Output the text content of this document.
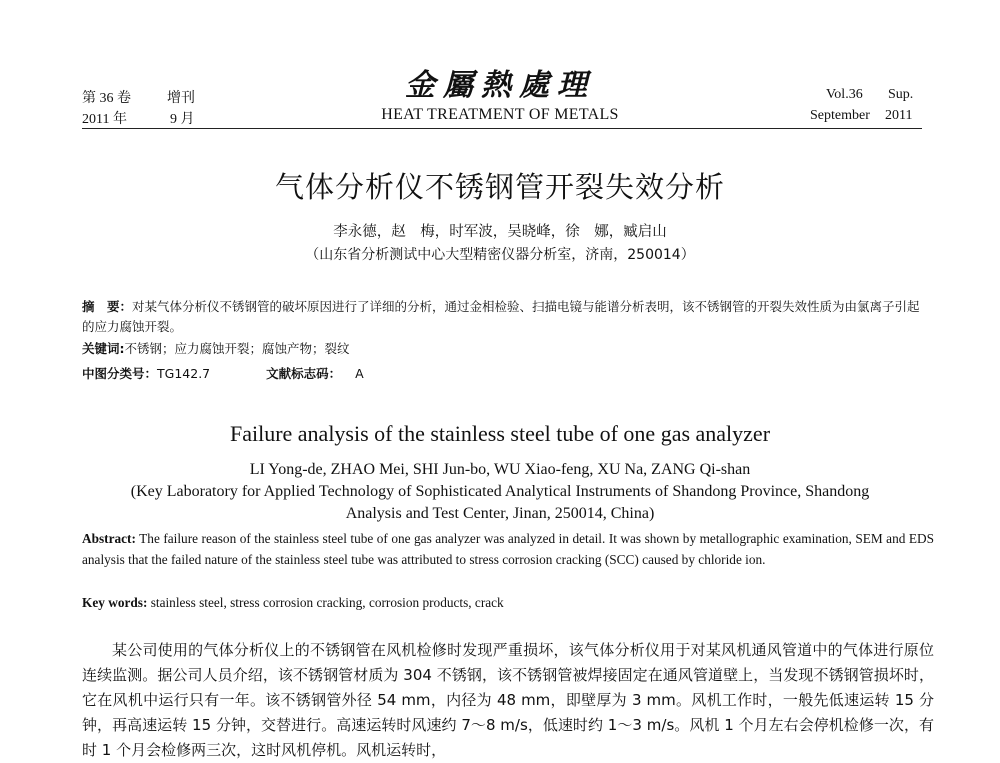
第 36 卷	增刊
2011 年	9 月
金屬熱處理
HEAT TREATMENT OF METALS
Vol.36 Sup.
September 2011
气体分析仪不锈钢管开裂失效分析
李永德，赵　梅，时军波，吴晓峰，徐　娜，臧启山
（山东省分析测试中心大型精密仪器分析室，济南，250014）
摘　要：对某气体分析仪不锈钢管的破坏原因进行了详细的分析，通过金相检验、扫描电镜与能谱分析表明，该不锈钢管的开裂失效性质为由氯离子引起的应力腐蚀开裂。
关键词:不锈钢；应力腐蚀开裂；腐蚀产物；裂纹
中图分类号：TG142.7	文献标志码： A
Failure analysis of the stainless steel tube of one gas analyzer
LI Yong-de, ZHAO Mei, SHI Jun-bo, WU Xiao-feng, XU Na, ZANG Qi-shan
(Key Laboratory for Applied Technology of Sophisticated Analytical Instruments of Shandong Province, Shandong
Analysis and Test Center, Jinan, 250014, China)
Abstract: The failure reason of the stainless steel tube of one gas analyzer was analyzed in detail. It was shown by metallographic examination, SEM and EDS analysis that the failed nature of the stainless steel tube was attributed to stress corrosion cracking (SCC) caused by chloride ion.
Key words: stainless steel, stress corrosion cracking, corrosion products, crack
某公司使用的气体分析仪上的不锈钢管在风机检修时发现严重损坏，该气体分析仪用于对某风机通风管道中的气体进行原位连续监测。据公司人员介绍，该不锈钢管材质为 304 不锈钢，该不锈钢管被焊接固定在通风管道壁上，当发现不锈钢管损坏时，它在风机中运行只有一年。该不锈钢管外径 54 mm，内径为 48 mm，即壁厚为 3 mm。风机工作时，一般先低速运转 15 分钟，再高速运转 15 分钟，交替进行。高速运转时风速约 7～8 m/s，低速时约 1～3 m/s。风机 1 个月左右会停机检修一次，有时 1 个月会检修两三次，这时风机停机。风机运转时，
